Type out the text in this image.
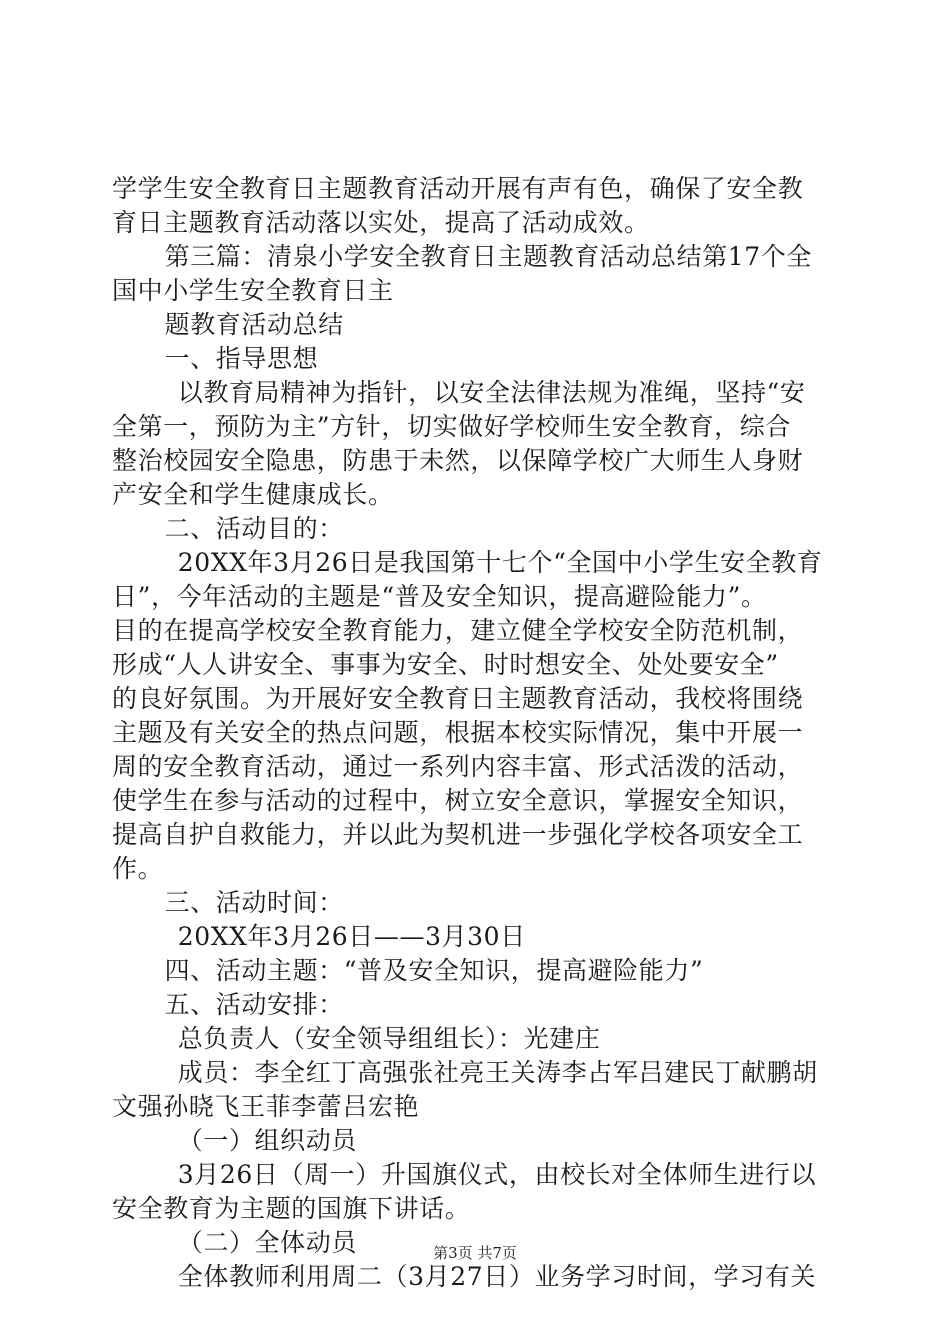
学学生安全教育日主题教育活动开展有声有色，确保了安全教
育日主题教育活动落以实处，提高了活动成效。
第三篇：清泉小学安全教育日主题教育活动总结第17个全
国中小学生安全教育日主
题教育活动总结
一、指导思想
以教育局精神为指针，以安全法律法规为准绳，坚持“安
全第一，预防为主”方针，切实做好学校师生安全教育，综合
整治校园安全隐患，防患于未然，以保障学校广大师生人身财
产安全和学生健康成长。
二、活动目的：
20XX年3月26日是我国第十七个“全国中小学生安全教育
日”，今年活动的主题是“普及安全知识，提高避险能力”。
目的在提高学校安全教育能力，建立健全学校安全防范机制，
形成“人人讲安全、事事为安全、时时想安全、处处要安全”
的良好氛围。为开展好安全教育日主题教育活动，我校将围绕
主题及有关安全的热点问题，根据本校实际情况，集中开展一
周的安全教育活动，通过一系列内容丰富、形式活泼的活动，
使学生在参与活动的过程中，树立安全意识，掌握安全知识，
提高自护自救能力，并以此为契机进一步强化学校各项安全工
作。
三、活动时间：
20XX年3月26日——3月30日
四、活动主题：“普及安全知识，提高避险能力”
五、活动安排：
总负责人（安全领导组组长）：光建庄
成员：李全红丁高强张社亮王关涛李占军吕建民丁献鹏胡
文强孙晓飞王菲李蕾吕宏艳
（一）组织动员
3月26日（周一）升国旗仪式，由校长对全体师生进行以
安全教育为主题的国旗下讲话。
（二）全体动员
全体教师利用周二（3月27日）业务学习时间，学习有关
第3页 共7页
